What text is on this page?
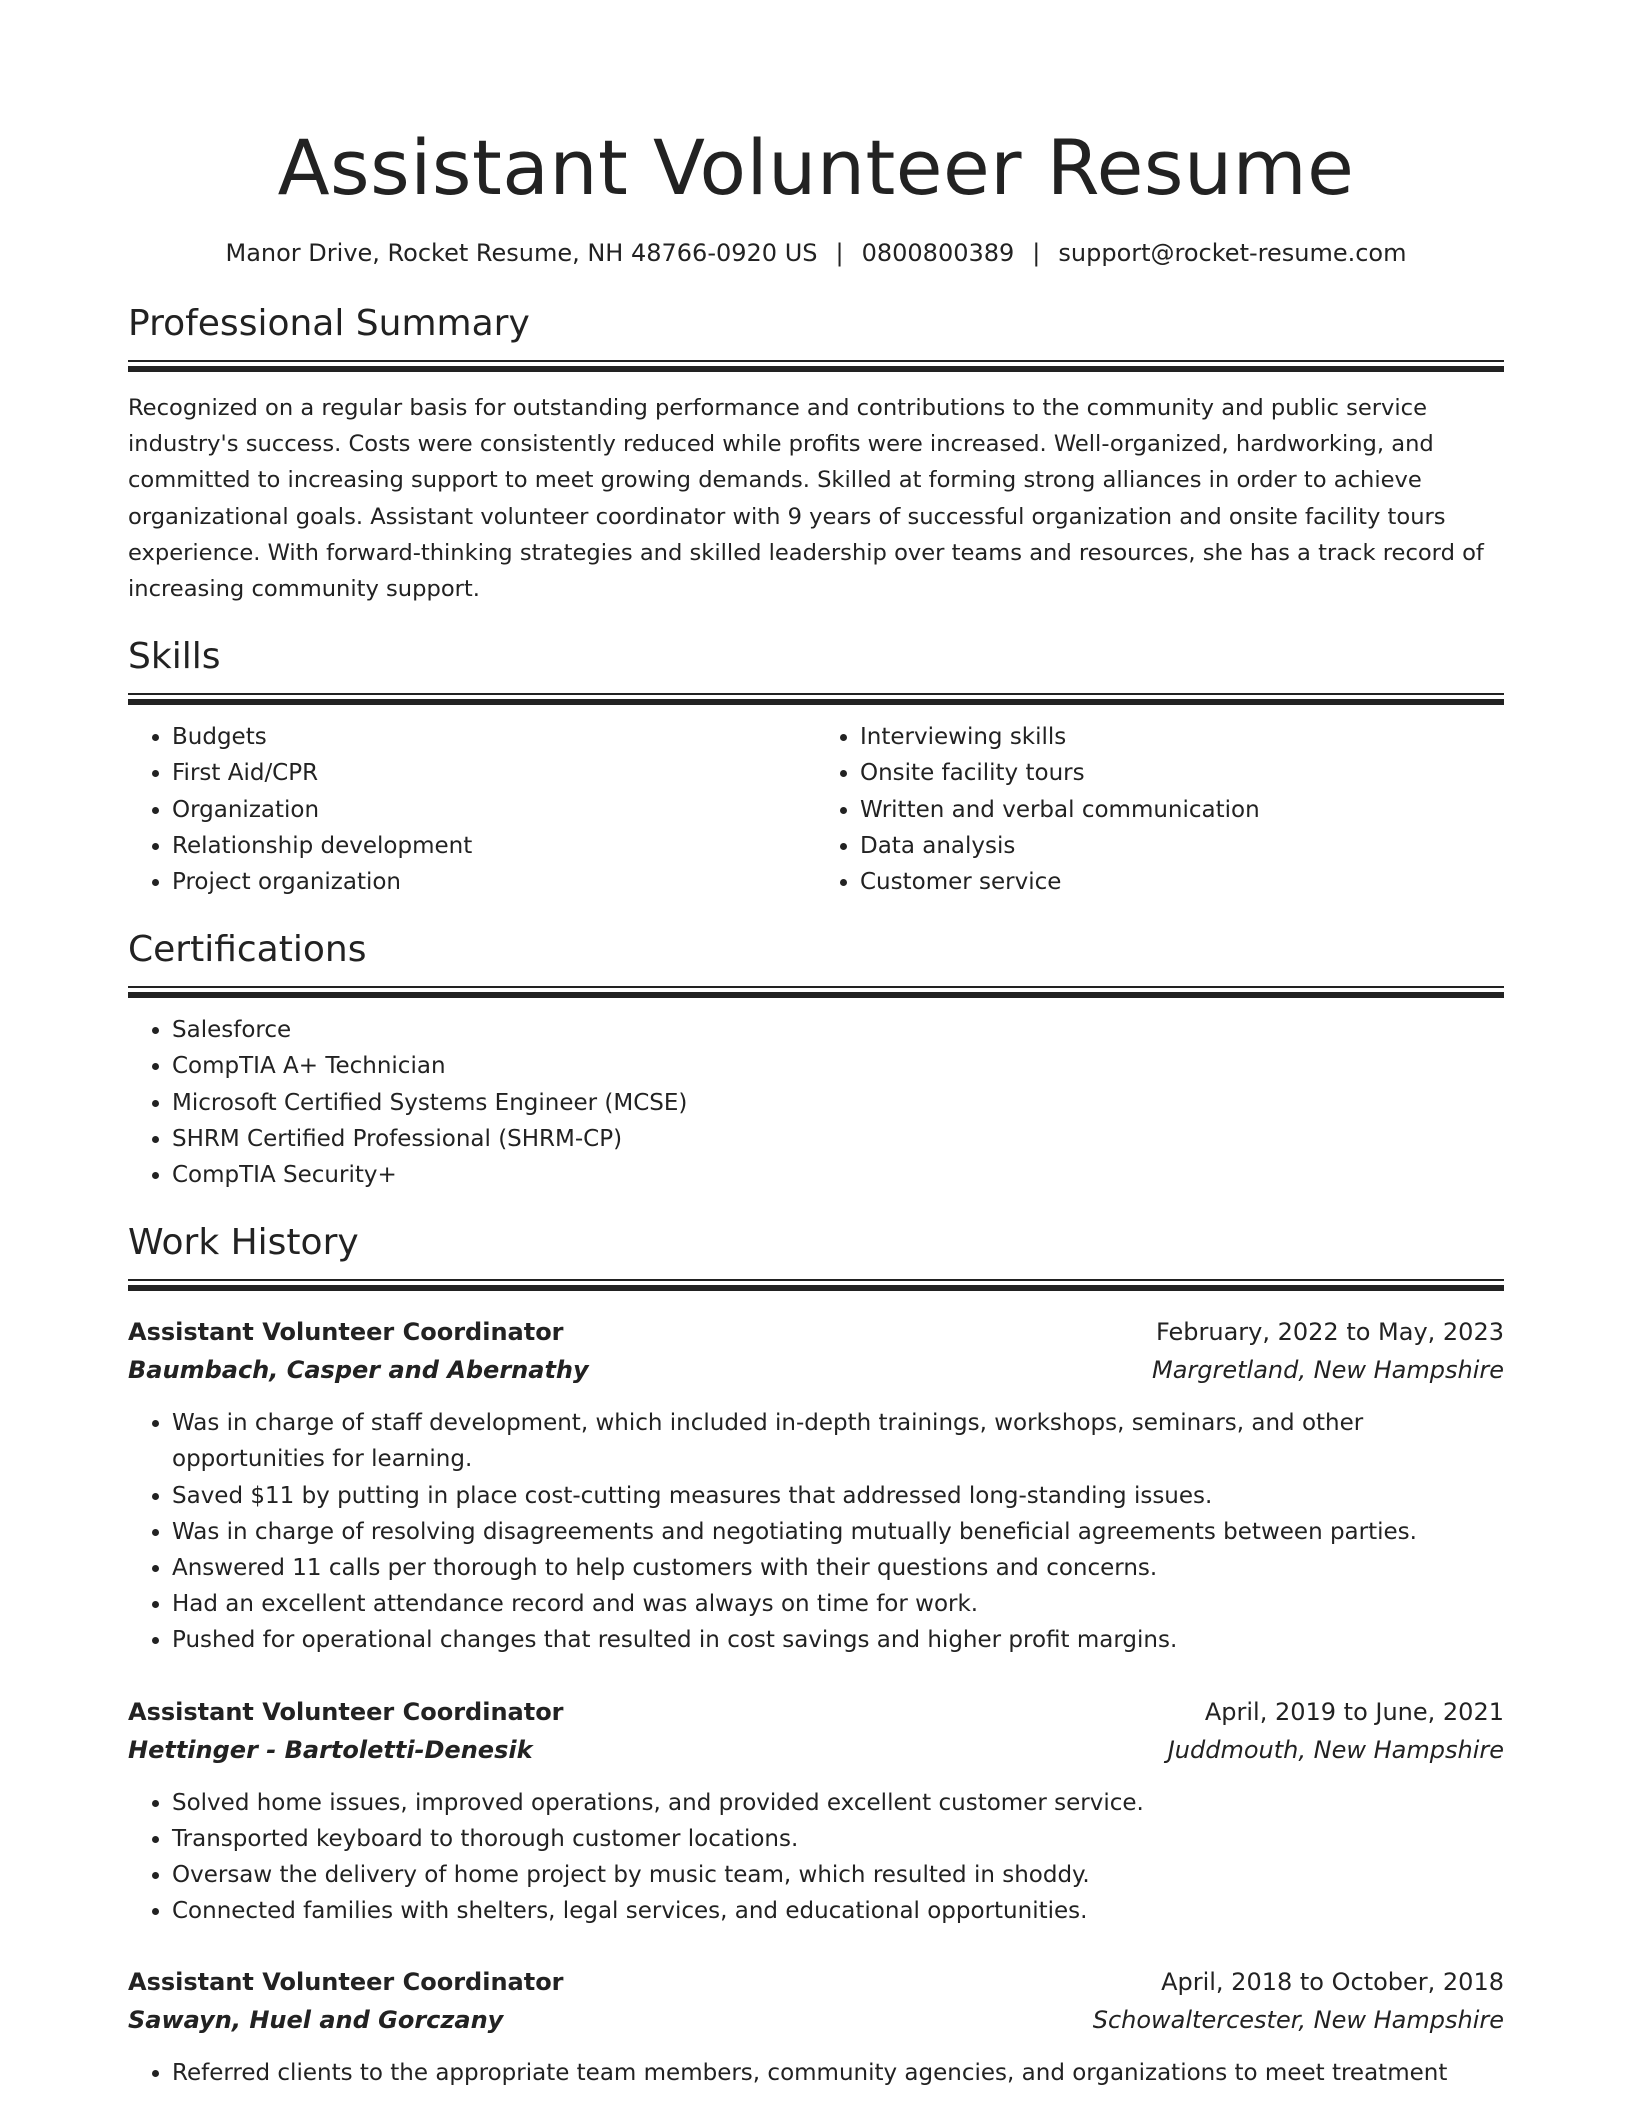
Assistant Volunteer Resume
Manor Drive, Rocket Resume, NH 48766-0920 US | 0800800389 | support@rocket-resume.com
Professional Summary

Recognized on a regular basis for outstanding performance and contributions to the community and public service industry's success. Costs were consistently reduced while profits were increased. Well-organized, hardworking, and committed to increasing support to meet growing demands. Skilled at forming strong alliances in order to achieve organizational goals. Assistant volunteer coordinator with 9 years of successful organization and onsite facility tours experience. With forward-thinking strategies and skilled leadership over teams and resources, she has a track record of increasing community support.

Skills
• Budgets
• First Aid/CPR
• Organization
• Relationship development
• Project organization
• Interviewing skills
• Onsite facility tours
• Written and verbal communication
• Data analysis
• Customer service
Certifications
• Salesforce
• CompTIA A+ Technician
• Microsoft Certified Systems Engineer (MCSE)
• SHRM Certified Professional (SHRM-CP)
• CompTIA Security+
Work History
Assistant Volunteer Coordinator	February, 2022 to May, 2023
Baumbach, Casper and Abernathy	Margretland, New Hampshire
• Was in charge of staff development, which included in-depth trainings, workshops, seminars, and other opportunities for learning.
• Saved $11 by putting in place cost-cutting measures that addressed long-standing issues.
• Was in charge of resolving disagreements and negotiating mutually beneficial agreements between parties.
• Answered 11 calls per thorough to help customers with their questions and concerns.
• Had an excellent attendance record and was always on time for work.
• Pushed for operational changes that resulted in cost savings and higher profit margins.
Assistant Volunteer Coordinator	April, 2019 to June, 2021
Hettinger - Bartoletti-Denesik	Juddmouth, New Hampshire
• Solved home issues, improved operations, and provided excellent customer service.
• Transported keyboard to thorough customer locations.
• Oversaw the delivery of home project by music team, which resulted in shoddy.
• Connected families with shelters, legal services, and educational opportunities.
Assistant Volunteer Coordinator	April, 2018 to October, 2018
Sawayn, Huel and Gorczany	Schowaltercester, New Hampshire
• Referred clients to the appropriate team members, community agencies, and organizations to meet treatment
